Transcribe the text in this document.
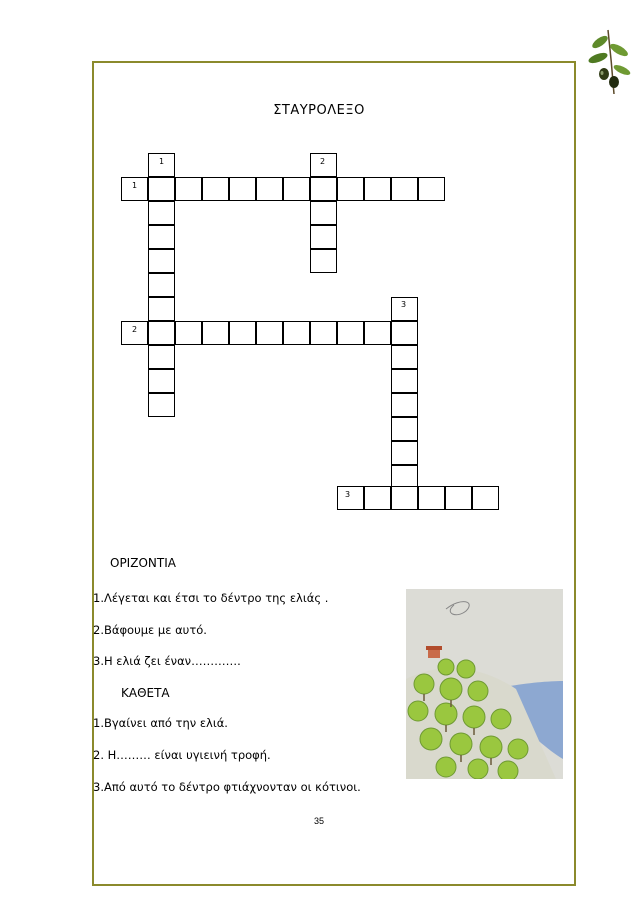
ΣΤΑΥΡΟΛΕΞΟ
1	2
1
3
2
3
ΟΡΙΖΟΝΤΙΑ
1.Λέγεται και έτσι το δέντρο της ελιάς .
2.Βάφουμε με αυτό.
3.Η ελιά ζει έναν………….
ΚΑΘΕΤΑ
1.Βγαίνει από την ελιά.
2. Η……… είναι υγιεινή τροφή.
3.Από αυτό το δέντρο φτιάχνονταν οι κότινοι.
35
